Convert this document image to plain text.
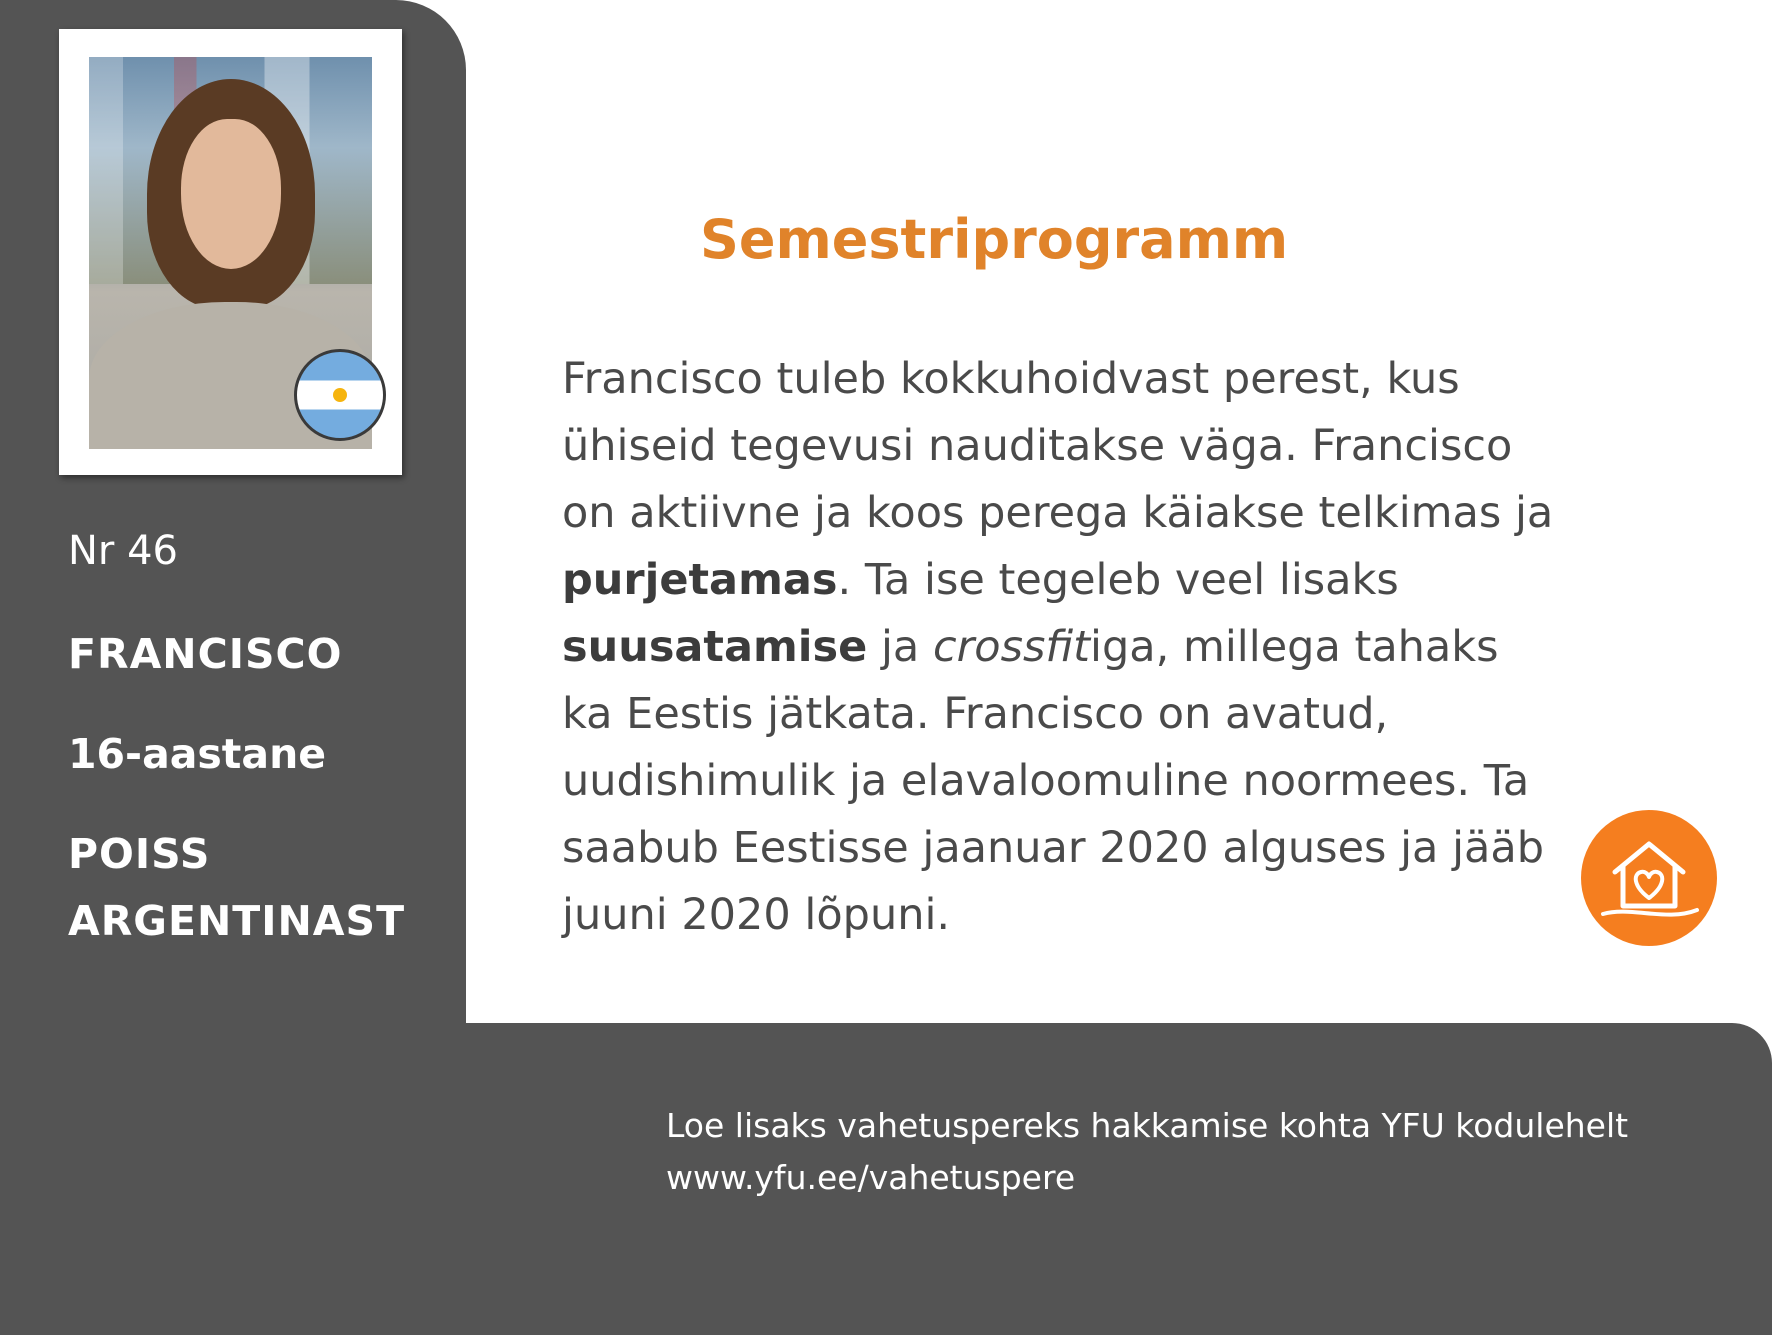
Nr 46

FRANCISCO

16-aastane

POISS

ARGENTINAST

Semestriprogramm

Francisco tuleb kokkuhoidvast perest, kus ühiseid tegevusi nauditakse väga. Francisco on aktiivne ja koos perega käiakse telkimas ja purjetamas. Ta ise tegeleb veel lisaks suusatamise ja crossfitiga, millega tahaks ka Eestis jätkata. Francisco on avatud, uudishimulik ja elavaloomuline noormees. Ta saabub Eestisse jaanuar 2020 alguses ja jääb juuni 2020 lõpuni.

Loe lisaks vahetuspereks hakkamise kohta YFU kodulehelt
www.yfu.ee/vahetuspere
